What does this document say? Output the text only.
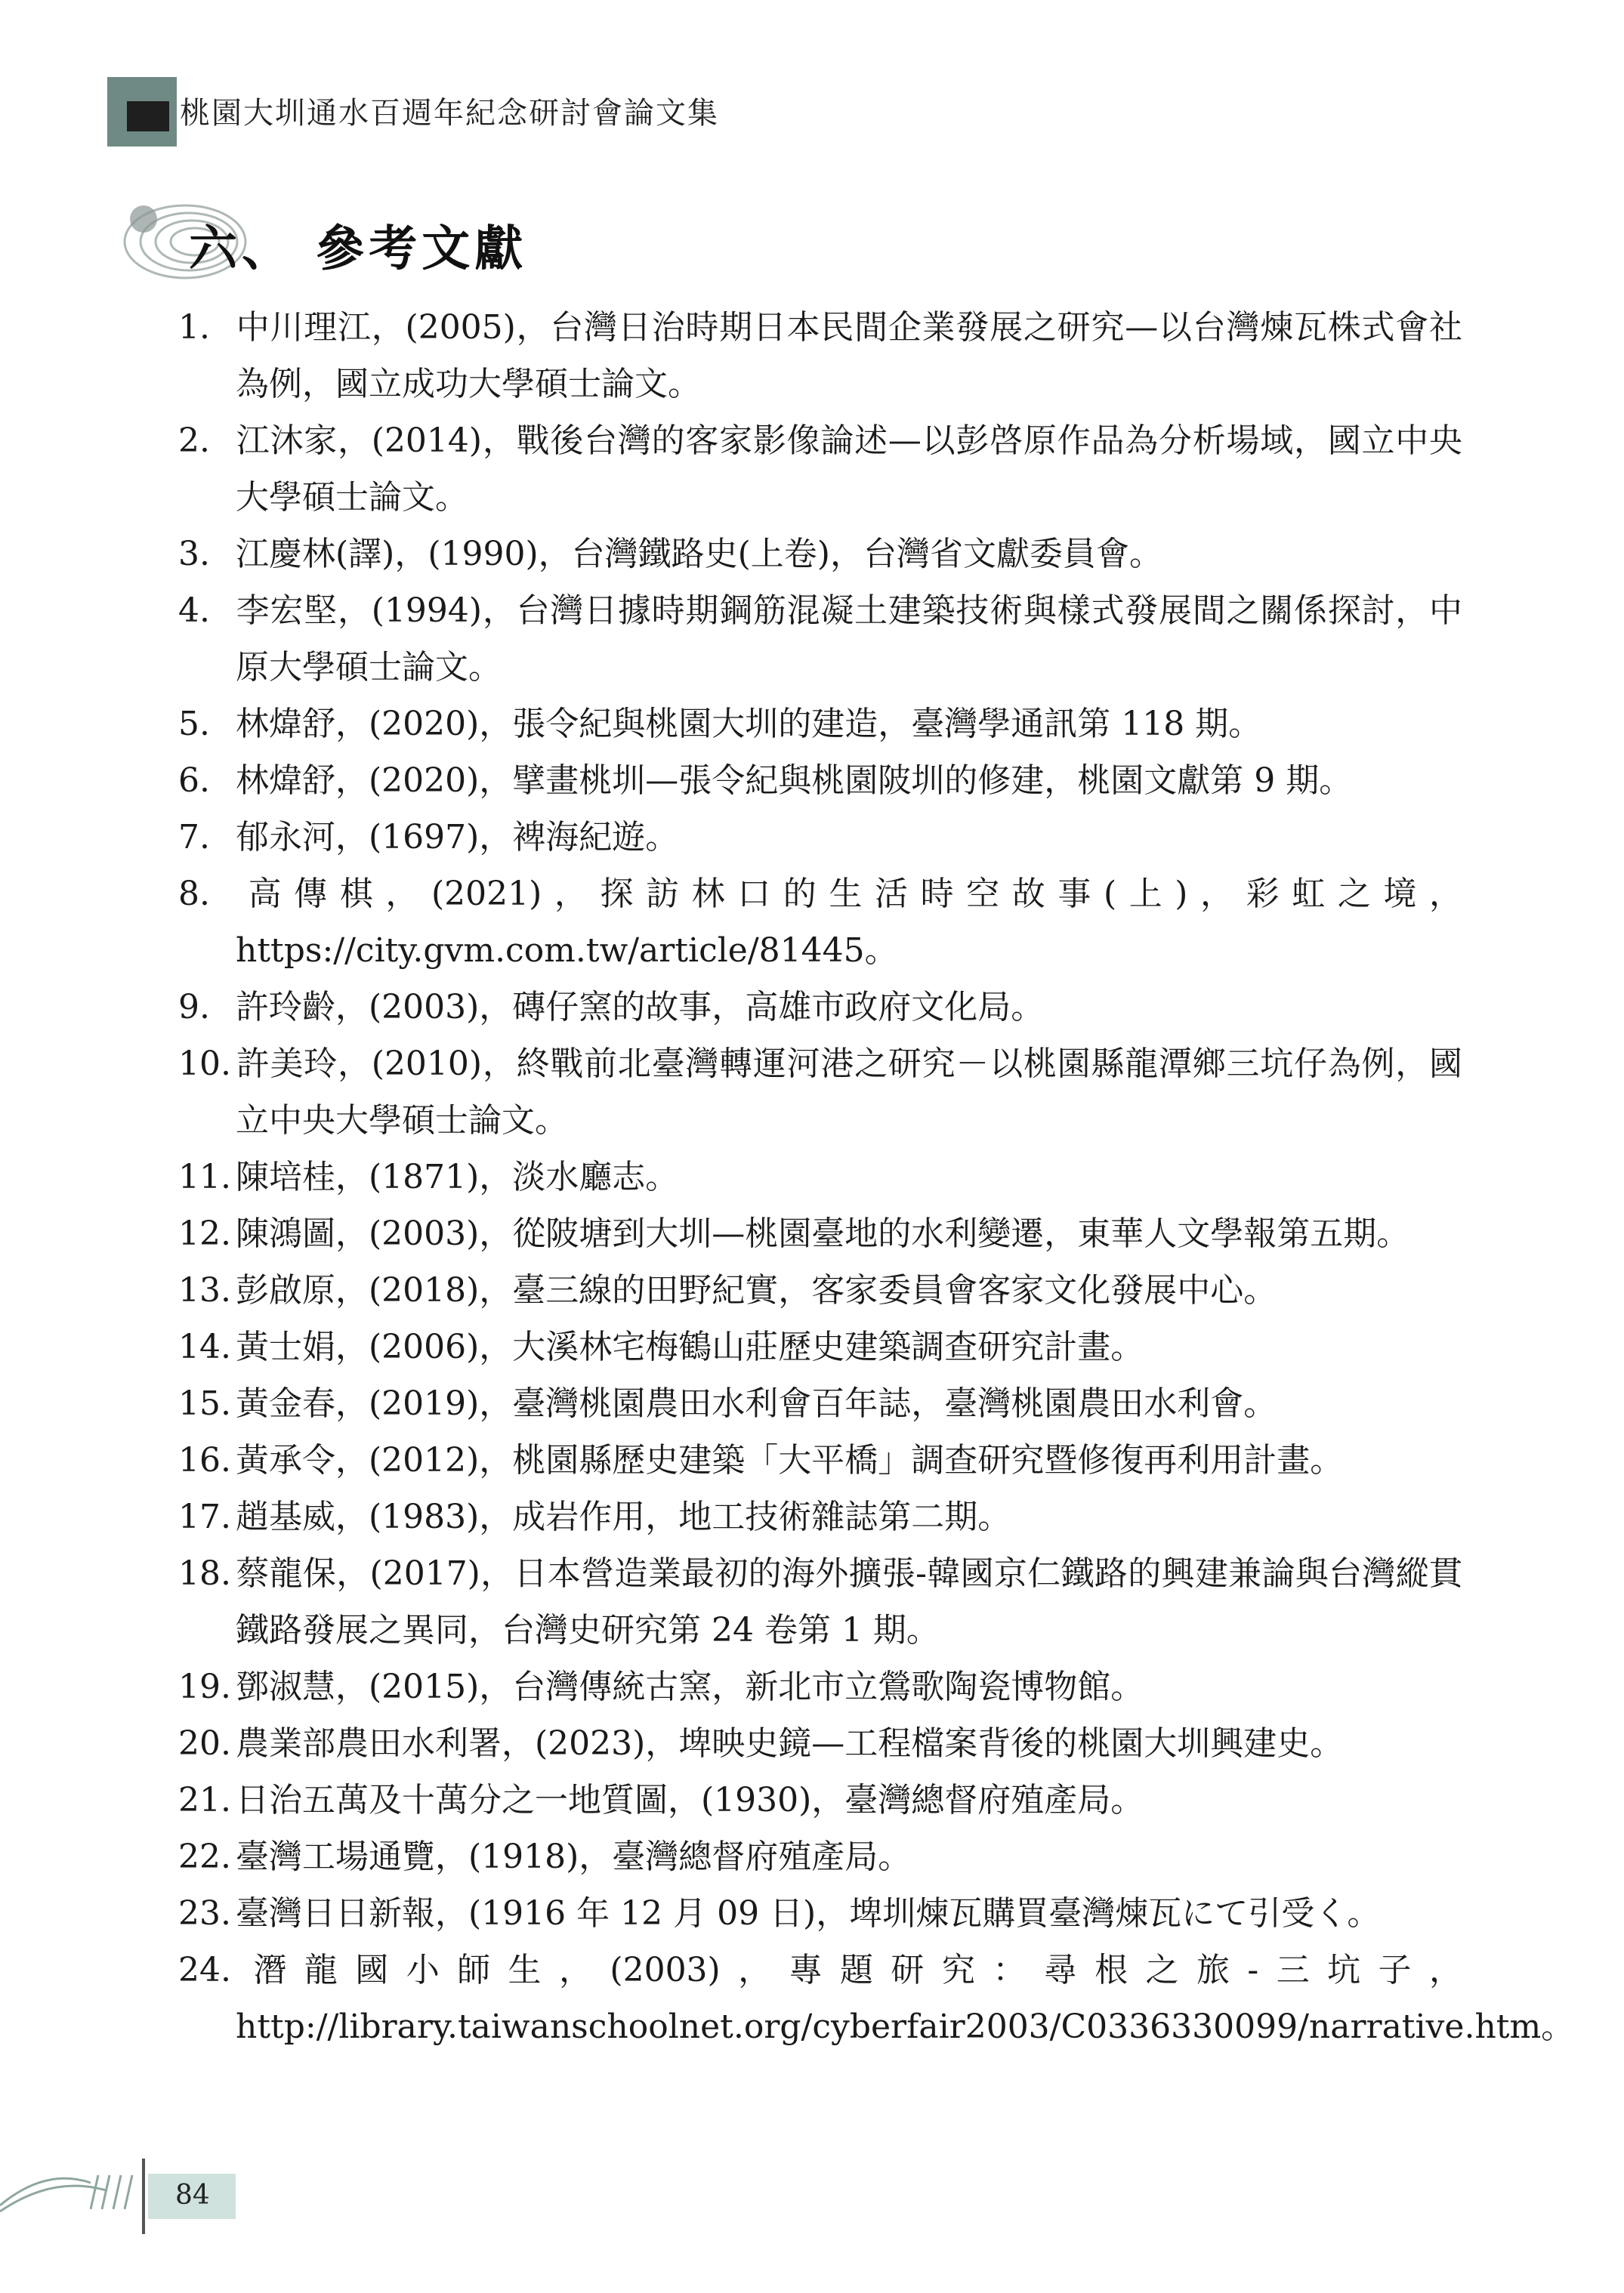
桃園大圳通水百週年紀念研討會論文集
六、 參考文獻
1. 中川理江，(2005)，台灣日治時期日本民間企業發展之研究—以台灣煉瓦株式會社為例，國立成功大學碩士論文。
2. 江沐家，(2014)，戰後台灣的客家影像論述—以彭啓原作品為分析場域，國立中央大學碩士論文。
3. 江慶林(譯)，(1990)，台灣鐵路史(上卷)，台灣省文獻委員會。
4. 李宏堅，(1994)，台灣日據時期鋼筋混凝土建築技術與樣式發展間之關係探討，中原大學碩士論文。
5. 林煒舒，(2020)，張令紀與桃園大圳的建造，臺灣學通訊第 118 期。
6. 林煒舒，(2020)，擘畫桃圳—張令紀與桃園陂圳的修建，桃園文獻第 9 期。
7. 郁永河，(1697)，裨海紀遊。
8. 高傳棋，(2021)，探訪林口的生活時空故事(上)，彩虹之境，https://city.gvm.com.tw/article/81445。
9. 許玲齡，(2003)，磚仔窯的故事，高雄市政府文化局。
10. 許美玲，(2010)，終戰前北臺灣轉運河港之研究－以桃園縣龍潭鄉三坑仔為例，國立中央大學碩士論文。
11. 陳培桂，(1871)，淡水廳志。
12. 陳鴻圖，(2003)，從陂塘到大圳—桃園臺地的水利變遷，東華人文學報第五期。
13. 彭啟原，(2018)，臺三線的田野紀實，客家委員會客家文化發展中心。
14. 黃士娟，(2006)，大溪林宅梅鶴山莊歷史建築調查研究計畫。
15. 黃金春，(2019)，臺灣桃園農田水利會百年誌，臺灣桃園農田水利會。
16. 黃承令，(2012)，桃園縣歷史建築「大平橋」調查研究暨修復再利用計畫。
17. 趙基威，(1983)，成岩作用，地工技術雜誌第二期。
18. 蔡龍保，(2017)，日本營造業最初的海外擴張-韓國京仁鐵路的興建兼論與台灣縱貫鐵路發展之異同，台灣史研究第 24 卷第 1 期。
19. 鄧淑慧，(2015)，台灣傳統古窯，新北市立鶯歌陶瓷博物館。
20. 農業部農田水利署，(2023)，埤映史鏡—工程檔案背後的桃園大圳興建史。
21. 日治五萬及十萬分之一地質圖，(1930)，臺灣總督府殖產局。
22. 臺灣工場通覽，(1918)，臺灣總督府殖產局。
23. 臺灣日日新報，(1916 年 12 月 09 日)，埤圳煉瓦購買臺灣煉瓦にて引受く。
24. 潛龍國小師生，(2003)，專題研究：尋根之旅-三坑子，http://library.taiwanschoolnet.org/cyberfair2003/C0336330099/narrative.htm。
84
